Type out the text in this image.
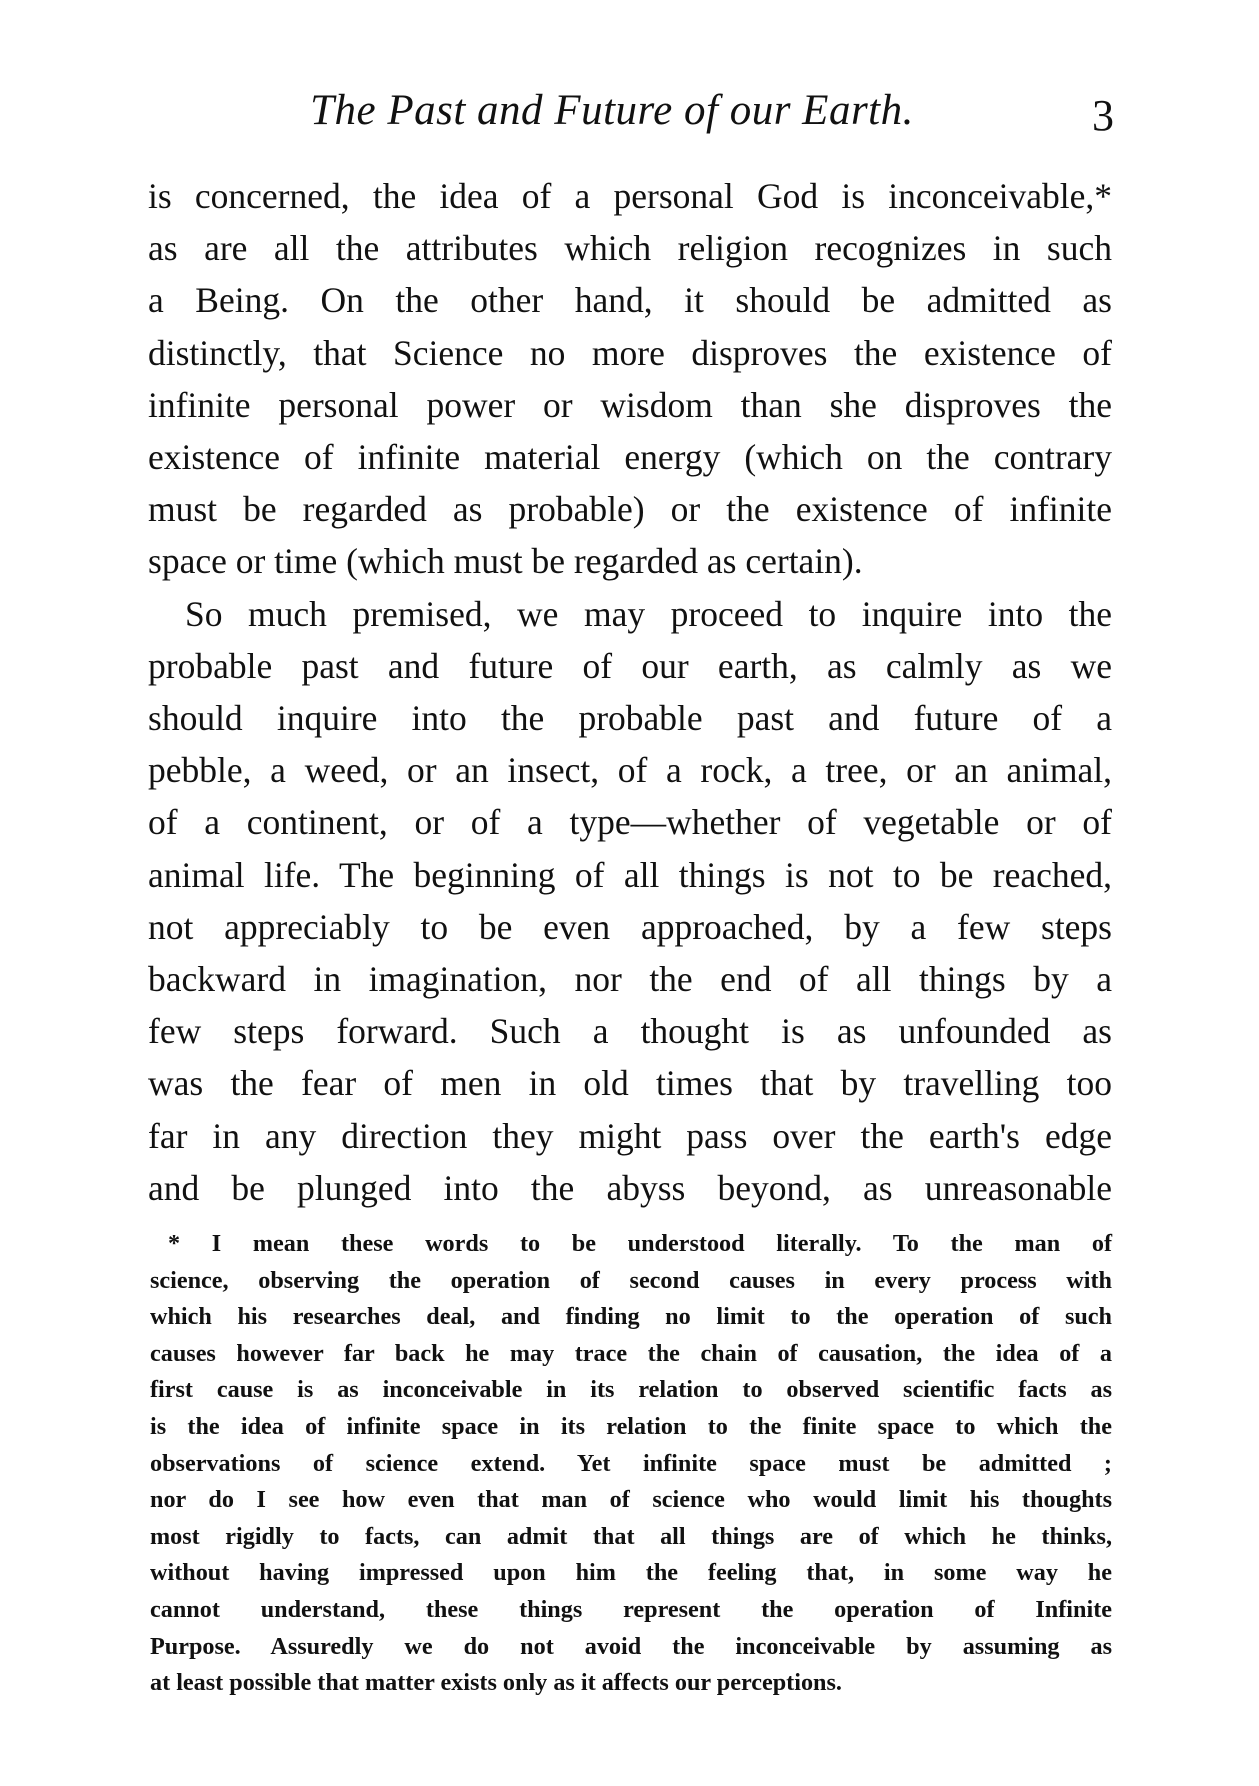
The Past and Future of our Earth.	3

is concerned, the idea of a personal God is inconceivable,*
as are all the attributes which religion recognizes in such
a Being. On the other hand, it should be admitted as
distinctly, that Science no more disproves the existence of
infinite personal power or wisdom than she disproves the
existence of infinite material energy (which on the contrary
must be regarded as probable) or the existence of infinite
space or time (which must be regarded as certain).

So much premised, we may proceed to inquire into the
probable past and future of our earth, as calmly as we
should inquire into the probable past and future of a
pebble, a weed, or an insect, of a rock, a tree, or an animal,
of a continent, or of a type—whether of vegetable or of
animal life. The beginning of all things is not to be reached,
not appreciably to be even approached, by a few steps
backward in imagination, nor the end of all things by a
few steps forward. Such a thought is as unfounded as
was the fear of men in old times that by travelling too
far in any direction they might pass over the earth's edge
and be plunged into the abyss beyond, as unreasonable

* I mean these words to be understood literally. To the man of
science, observing the operation of second causes in every process with
which his researches deal, and finding no limit to the operation of such
causes however far back he may trace the chain of causation, the idea of a
first cause is as inconceivable in its relation to observed scientific facts as
is the idea of infinite space in its relation to the finite space to which the
observations of science extend. Yet infinite space must be admitted ;
nor do I see how even that man of science who would limit his thoughts
most rigidly to facts, can admit that all things are of which he thinks,
without having impressed upon him the feeling that, in some way he
cannot understand, these things represent the operation of Infinite
Purpose. Assuredly we do not avoid the inconceivable by assuming as
at least possible that matter exists only as it affects our perceptions.
